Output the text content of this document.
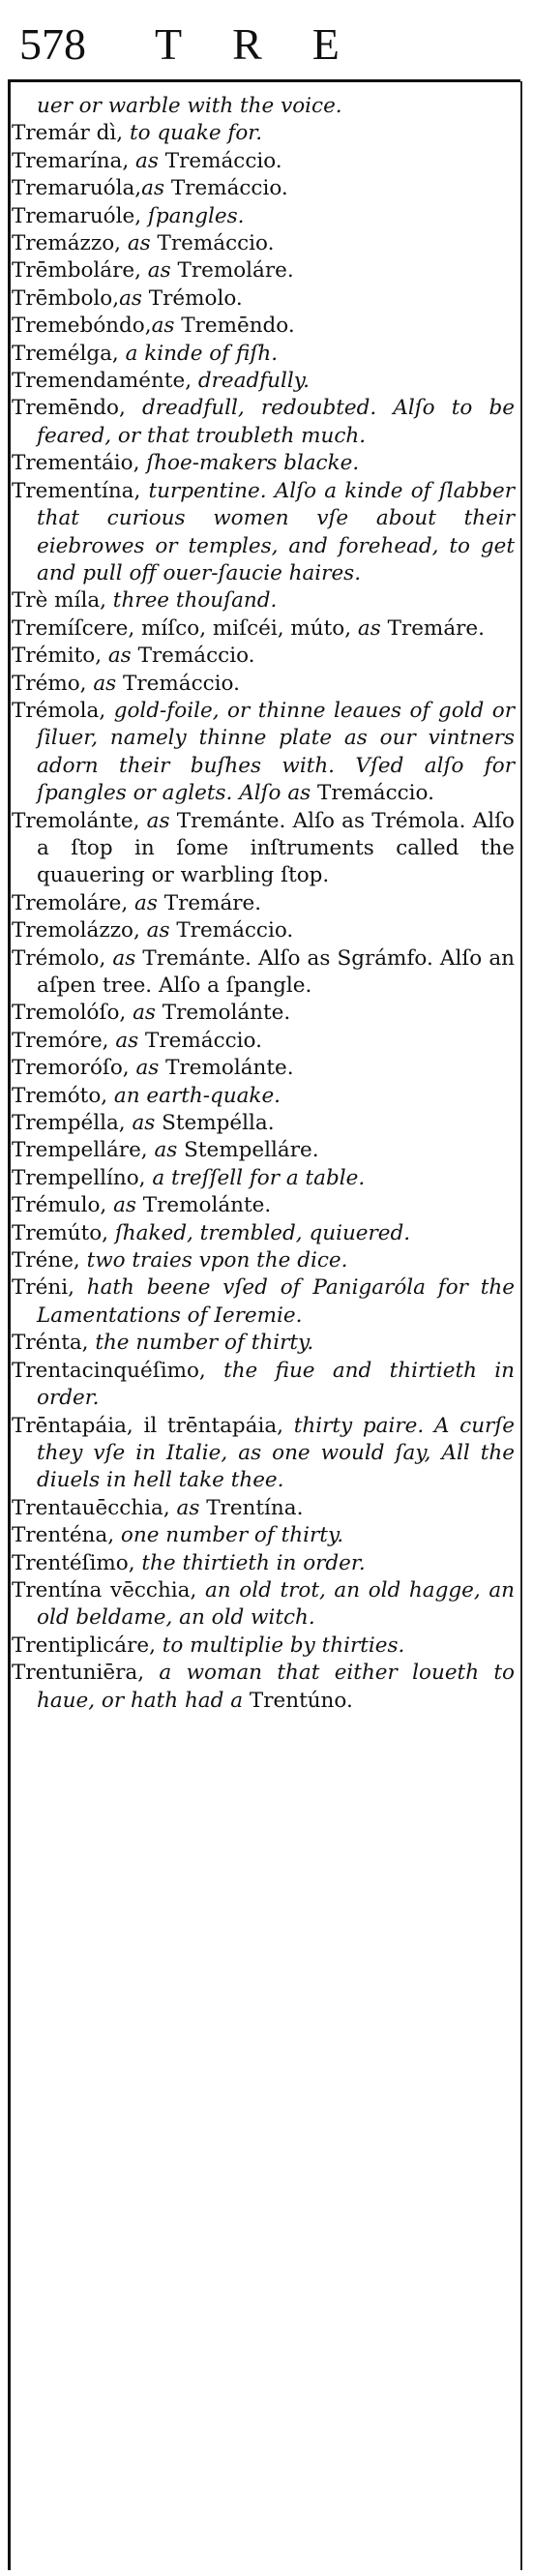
578 TRE
uer or warble with the voice.
Tremár dì, to quake for.
Tremarína, as Tremáccio.
Tremaruóla,as Tremáccio.
Tremaruóle, ſpangles.
Tremázzo, as Tremáccio.
Trēmboláre, as Tremoláre.
Trēmbolo,as Trémolo.
Tremebóndo,as Tremēndo.
Tremélga, a kinde of fiſh.
Tremendaménte, dreadfully.
Tremēndo, dreadfull, redoubted. Alſo to be feared, or that troubleth much.
Trementáio, ſhoe-makers blacke.
Trementína, turpentine. Alſo a kinde of ſlabber that curious women vſe about their eiebrowes or temples, and forehead, to get and pull off ouer-ſaucie haires.
Trè míla, three thouſand.
Tremíſcere, míſco, miſcéi, múto, as Tremáre.
Trémito, as Tremáccio.
Trémo, as Tremáccio.
Trémola, gold-foile, or thinne leaues of gold or ſiluer, namely thinne plate as our vintners adorn their buſhes with. Vſed alſo for ſpangles or aglets. Alſo as Tremáccio.
Tremolánte, as Tremánte. Alſo as Trémola. Alſo a ſtop in ſome inſtruments called the quauering or warbling ſtop.
Tremoláre, as Tremáre.
Tremolázzo, as Tremáccio.
Trémolo, as Tremánte. Alſo as Sgrámfo. Alſo an aſpen tree. Alſo a ſpangle.
Tremolóſo, as Tremolánte.
Tremóre, as Tremáccio.
Tremoróſo, as Tremolánte.
Tremóto, an earth-quake.
Trempélla, as Stempélla.
Trempelláre, as Stempelláre.
Trempellíno, a treſſell for a table.
Trémulo, as Tremolánte.
Tremúto, ſhaked, trembled, quiuered.
Tréne, two traies vpon the dice.
Tréni, hath beene vſed of Panigaróla for the Lamentations of Ieremie.
Trénta, the number of thirty.
Trentacinquéſimo, the fiue and thirtieth in order.
Trēntapáia, il trēntapáia, thirty paire. A curſe they vſe in Italie, as one would ſay, All the diuels in hell take thee.
Trentauēcchia, as Trentína.
Trenténa, one number of thirty.
Trentéſimo, the thirtieth in order.
Trentína vēcchia, an old trot, an old hagge, an old beldame, an old witch.
Trentiplicáre, to multiplie by thirties.
Trentuniēra, a woman that either loueth to haue, or hath had a Trentúno.
